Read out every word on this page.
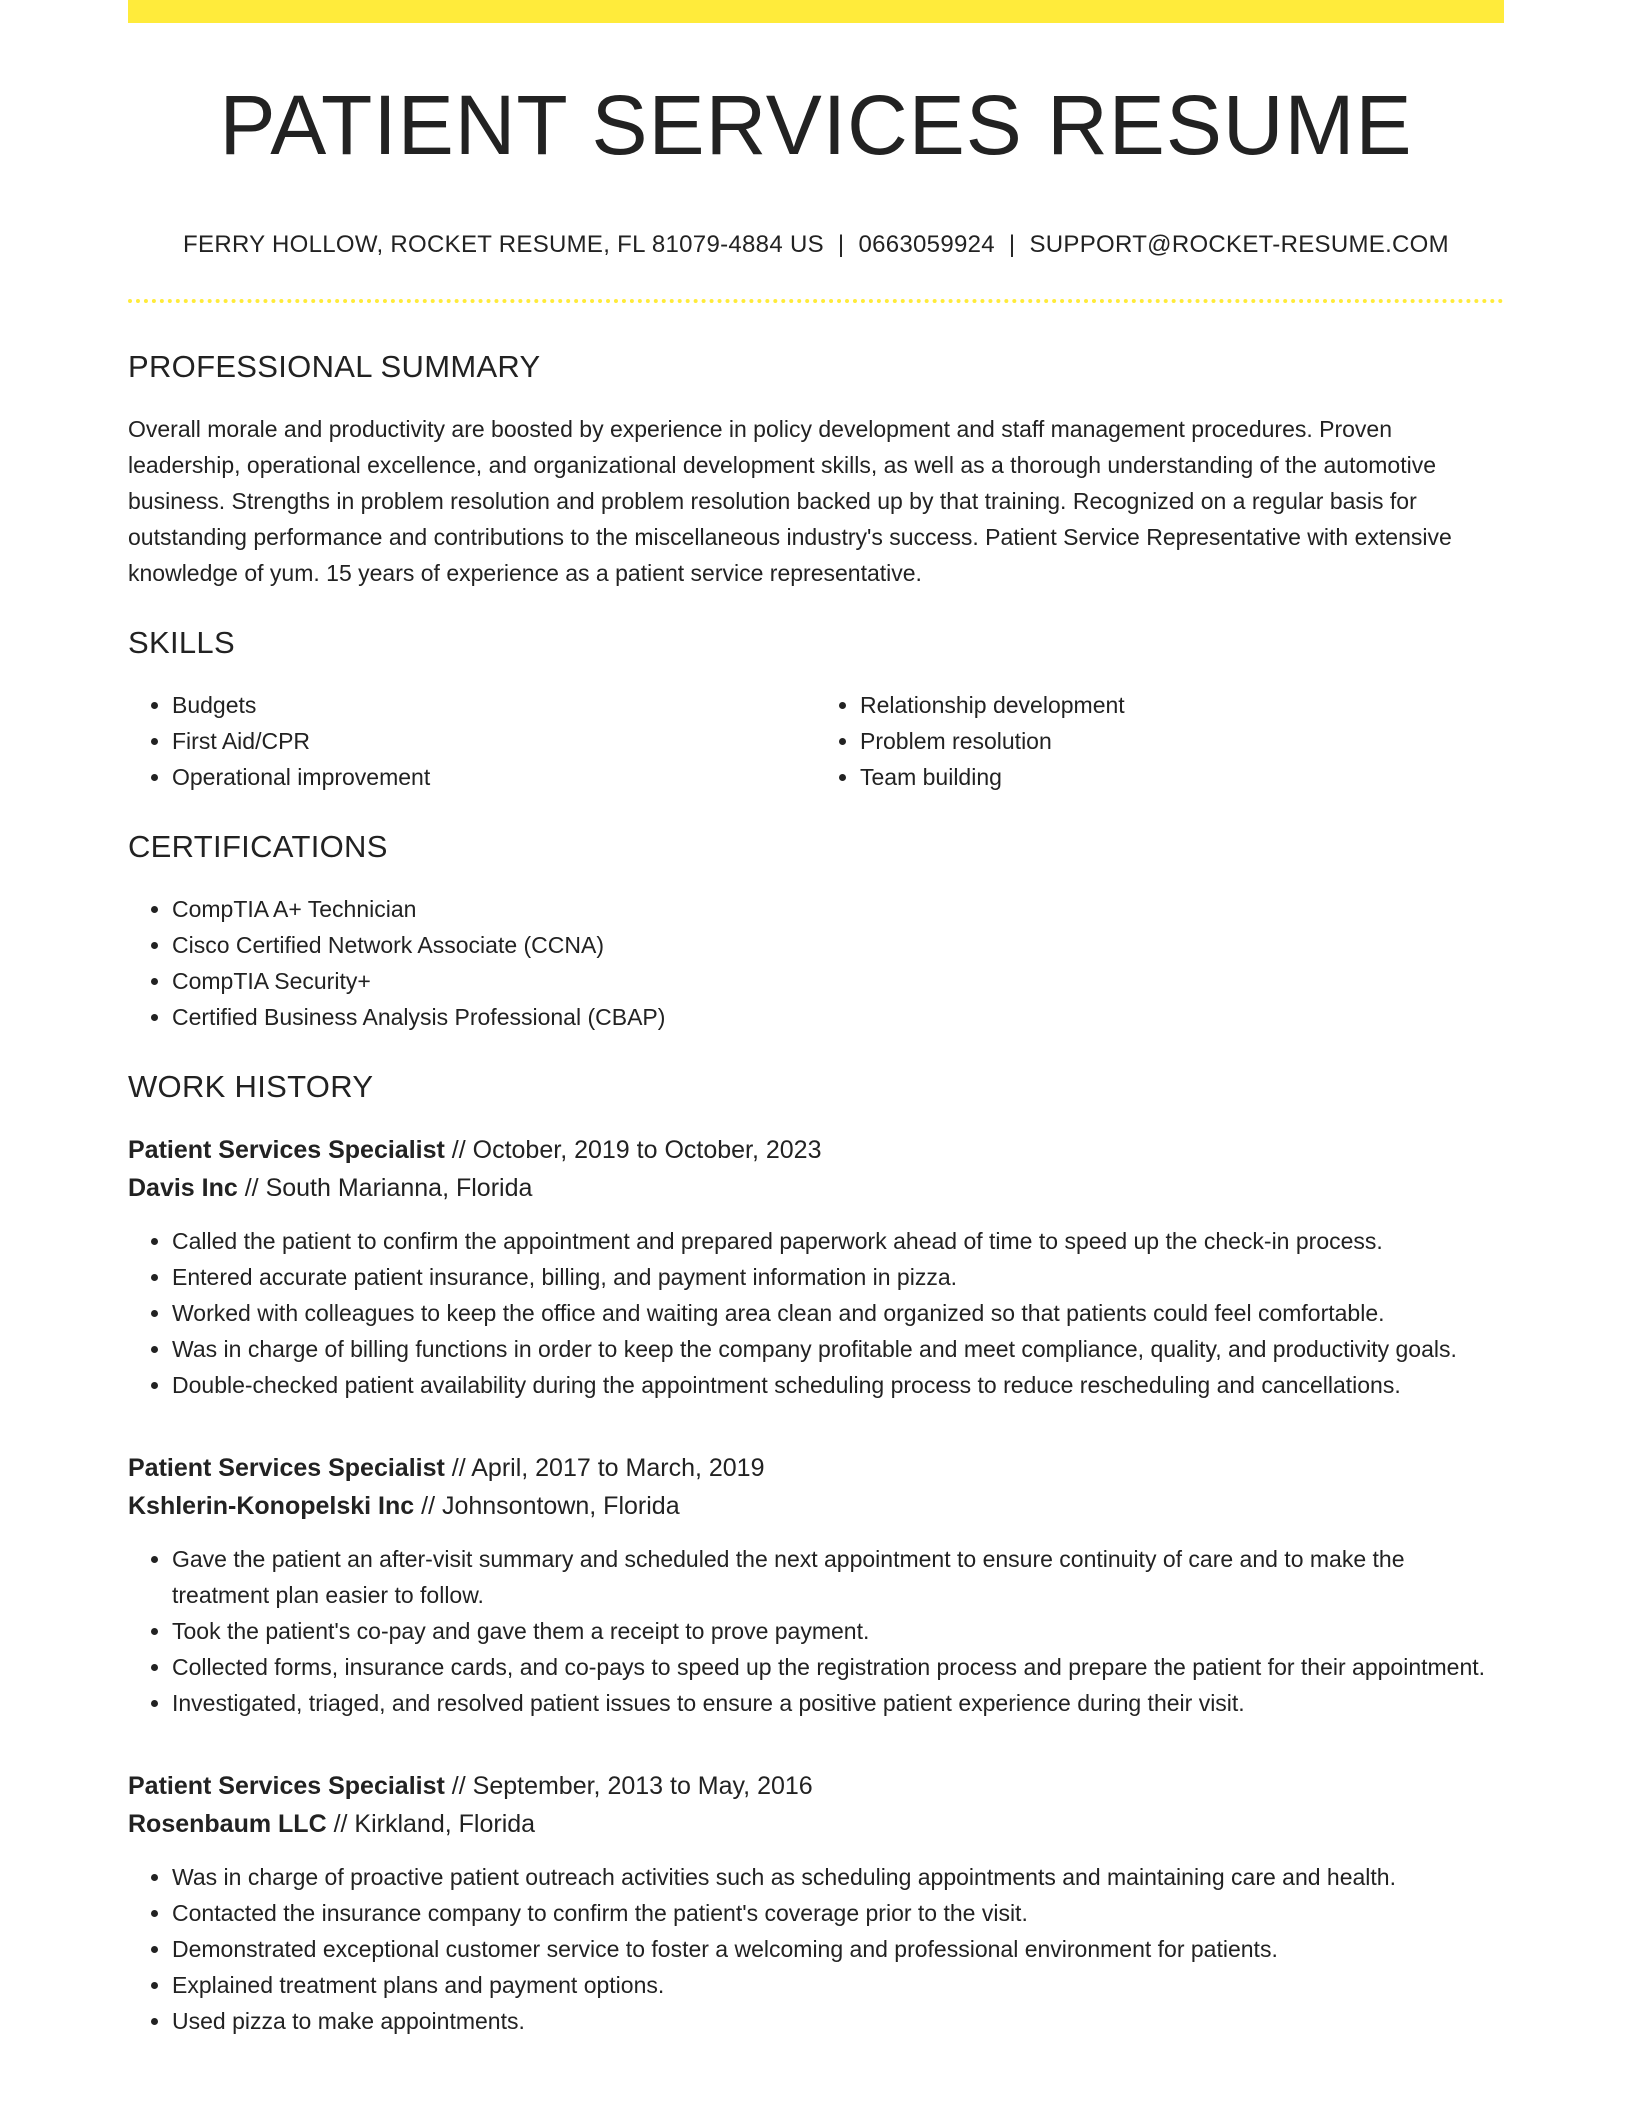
PATIENT SERVICES RESUME
FERRY HOLLOW, ROCKET RESUME, FL 81079-4884 US | 0663059924 | SUPPORT@ROCKET-RESUME.COM
PROFESSIONAL SUMMARY

Overall morale and productivity are boosted by experience in policy development and staff management procedures. Proven leadership, operational excellence, and organizational development skills, as well as a thorough understanding of the automotive business. Strengths in problem resolution and problem resolution backed up by that training. Recognized on a regular basis for outstanding performance and contributions to the miscellaneous industry's success. Patient Service Representative with extensive knowledge of yum. 15 years of experience as a patient service representative.

SKILLS
• Budgets
• First Aid/CPR
• Operational improvement
• Relationship development
• Problem resolution
• Team building
CERTIFICATIONS
• CompTIA A+ Technician
• Cisco Certified Network Associate (CCNA)
• CompTIA Security+
• Certified Business Analysis Professional (CBAP)
WORK HISTORY
Patient Services Specialist // October, 2019 to October, 2023
Davis Inc // South Marianna, Florida
• Called the patient to confirm the appointment and prepared paperwork ahead of time to speed up the check-in process.
• Entered accurate patient insurance, billing, and payment information in pizza.
• Worked with colleagues to keep the office and waiting area clean and organized so that patients could feel comfortable.
• Was in charge of billing functions in order to keep the company profitable and meet compliance, quality, and productivity goals.
• Double-checked patient availability during the appointment scheduling process to reduce rescheduling and cancellations.
Patient Services Specialist // April, 2017 to March, 2019
Kshlerin-Konopelski Inc // Johnsontown, Florida
• Gave the patient an after-visit summary and scheduled the next appointment to ensure continuity of care and to make the treatment plan easier to follow.
• Took the patient's co-pay and gave them a receipt to prove payment.
• Collected forms, insurance cards, and co-pays to speed up the registration process and prepare the patient for their appointment.
• Investigated, triaged, and resolved patient issues to ensure a positive patient experience during their visit.
Patient Services Specialist // September, 2013 to May, 2016
Rosenbaum LLC // Kirkland, Florida
• Was in charge of proactive patient outreach activities such as scheduling appointments and maintaining care and health.
• Contacted the insurance company to confirm the patient's coverage prior to the visit.
• Demonstrated exceptional customer service to foster a welcoming and professional environment for patients.
• Explained treatment plans and payment options.
• Used pizza to make appointments.
